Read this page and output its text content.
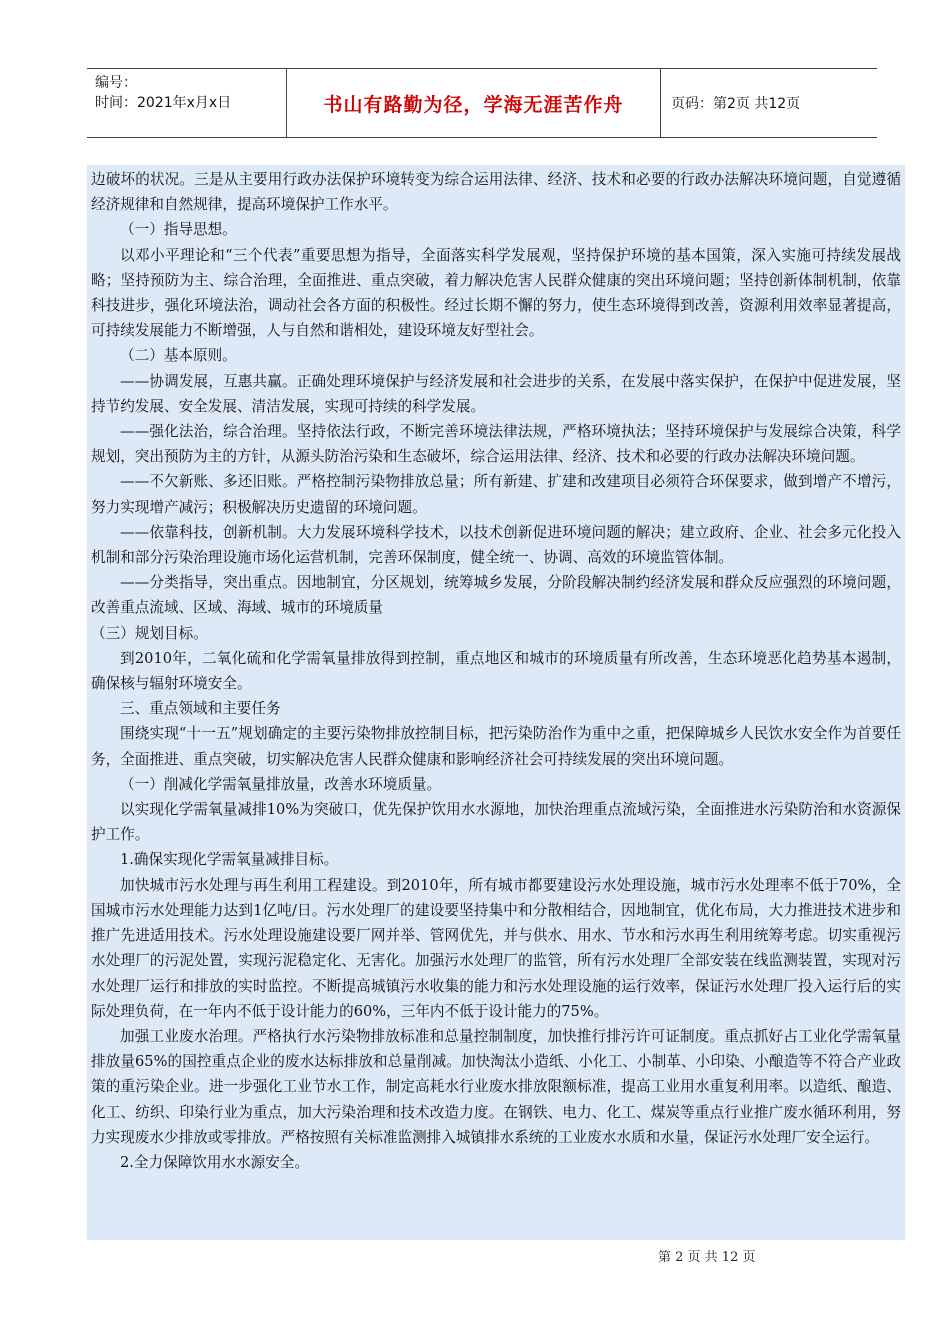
编号：
时间：2021年x月x日	书山有路勤为径，学海无涯苦作舟	页码：第2页 共12页

边破坏的状况。三是从主要用行政办法保护环境转变为综合运用法律、经济、技术和必要的行政办法解决环境问题，自觉遵循经济规律和自然规律，提高环境保护工作水平。

（一）指导思想。

以邓小平理论和“三个代表”重要思想为指导，全面落实科学发展观，坚持保护环境的基本国策，深入实施可持续发展战略；坚持预防为主、综合治理，全面推进、重点突破，着力解决危害人民群众健康的突出环境问题；坚持创新体制机制，依靠科技进步，强化环境法治，调动社会各方面的积极性。经过长期不懈的努力，使生态环境得到改善，资源利用效率显著提高，可持续发展能力不断增强，人与自然和谐相处，建设环境友好型社会。

（二）基本原则。

——协调发展，互惠共赢。正确处理环境保护与经济发展和社会进步的关系，在发展中落实保护，在保护中促进发展，坚持节约发展、安全发展、清洁发展，实现可持续的科学发展。

——强化法治，综合治理。坚持依法行政，不断完善环境法律法规，严格环境执法；坚持环境保护与发展综合决策，科学规划，突出预防为主的方针，从源头防治污染和生态破坏，综合运用法律、经济、技术和必要的行政办法解决环境问题。

——不欠新账、多还旧账。严格控制污染物排放总量；所有新建、扩建和改建项目必须符合环保要求，做到增产不增污，努力实现增产减污；积极解决历史遗留的环境问题。

——依靠科技，创新机制。大力发展环境科学技术，以技术创新促进环境问题的解决；建立政府、企业、社会多元化投入机制和部分污染治理设施市场化运营机制，完善环保制度，健全统一、协调、高效的环境监管体制。

——分类指导，突出重点。因地制宜，分区规划，统筹城乡发展，分阶段解决制约经济发展和群众反应强烈的环境问题，改善重点流域、区域、海域、城市的环境质量

（三）规划目标。

到2010年，二氧化硫和化学需氧量排放得到控制，重点地区和城市的环境质量有所改善，生态环境恶化趋势基本遏制，确保核与辐射环境安全。

三、重点领域和主要任务

围绕实现“十一五”规划确定的主要污染物排放控制目标，把污染防治作为重中之重，把保障城乡人民饮水安全作为首要任务，全面推进、重点突破，切实解决危害人民群众健康和影响经济社会可持续发展的突出环境问题。

（一）削减化学需氧量排放量，改善水环境质量。

以实现化学需氧量减排10%为突破口，优先保护饮用水水源地，加快治理重点流域污染，全面推进水污染防治和水资源保护工作。

1.确保实现化学需氧量减排目标。

加快城市污水处理与再生利用工程建设。到2010年，所有城市都要建设污水处理设施，城市污水处理率不低于70%，全国城市污水处理能力达到1亿吨/日。污水处理厂的建设要坚持集中和分散相结合，因地制宜，优化布局，大力推进技术进步和推广先进适用技术。污水处理设施建设要厂网并举、管网优先，并与供水、用水、节水和污水再生利用统筹考虑。切实重视污水处理厂的污泥处置，实现污泥稳定化、无害化。加强污水处理厂的监管，所有污水处理厂全部安装在线监测装置，实现对污水处理厂运行和排放的实时监控。不断提高城镇污水收集的能力和污水处理设施的运行效率，保证污水处理厂投入运行后的实际处理负荷，在一年内不低于设计能力的60%，三年内不低于设计能力的75%。

加强工业废水治理。严格执行水污染物排放标准和总量控制制度，加快推行排污许可证制度。重点抓好占工业化学需氧量排放量65%的国控重点企业的废水达标排放和总量削减。加快淘汰小造纸、小化工、小制革、小印染、小酿造等不符合产业政策的重污染企业。进一步强化工业节水工作，制定高耗水行业废水排放限额标准，提高工业用水重复利用率。以造纸、酿造、化工、纺织、印染行业为重点，加大污染治理和技术改造力度。在钢铁、电力、化工、煤炭等重点行业推广废水循环利用，努力实现废水少排放或零排放。严格按照有关标准监测排入城镇排水系统的工业废水水质和水量，保证污水处理厂安全运行。

2.全力保障饮用水水源安全。

第 2 页 共 12 页
